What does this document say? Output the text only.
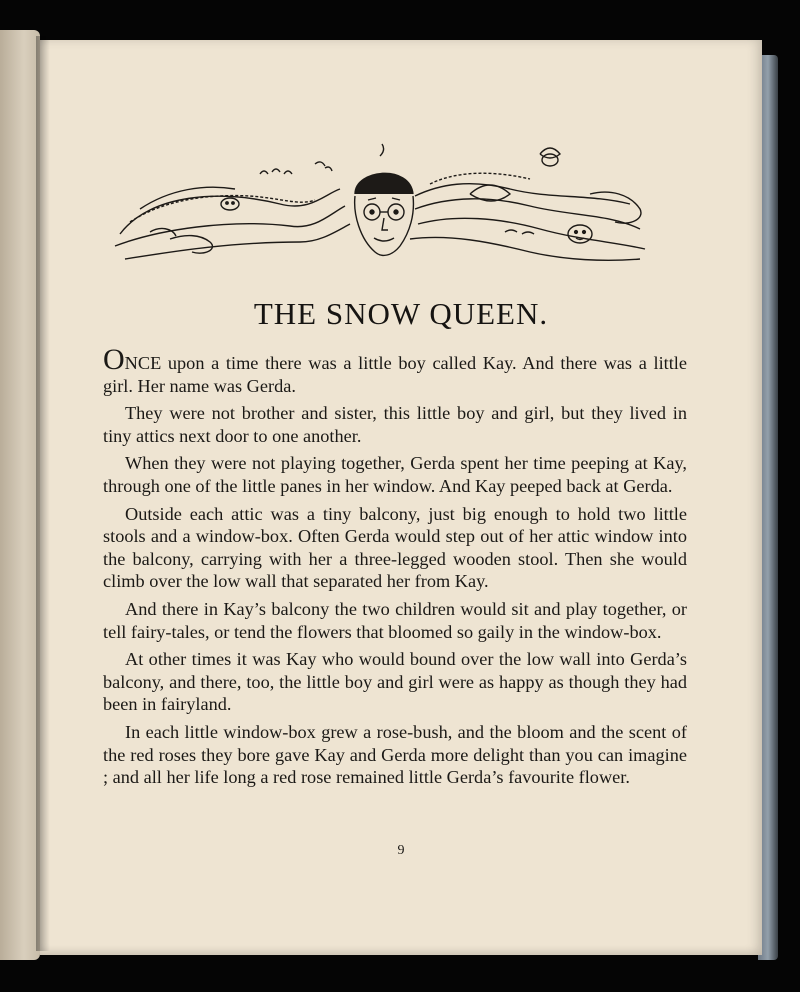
THE SNOW QUEEN.

ONCE upon a time there was a little boy called Kay. And there was a little girl. Her name was Gerda.

They were not brother and sister, this little boy and girl, but they lived in tiny attics next door to one another.

When they were not playing together, Gerda spent her time peeping at Kay, through one of the little panes in her window. And Kay peeped back at Gerda.

Outside each attic was a tiny balcony, just big enough to hold two little stools and a window-box. Often Gerda would step out of her attic window into the balcony, carrying with her a three-legged wooden stool. Then she would climb over the low wall that separated her from Kay.

And there in Kay’s balcony the two children would sit and play together, or tell fairy-tales, or tend the flowers that bloomed so gaily in the window-box.

At other times it was Kay who would bound over the low wall into Gerda’s balcony, and there, too, the little boy and girl were as happy as though they had been in fairyland.

In each little window-box grew a rose-bush, and the bloom and the scent of the red roses they bore gave Kay and Gerda more delight than you can imagine ; and all her life long a red rose remained little Gerda’s favourite flower.

9
